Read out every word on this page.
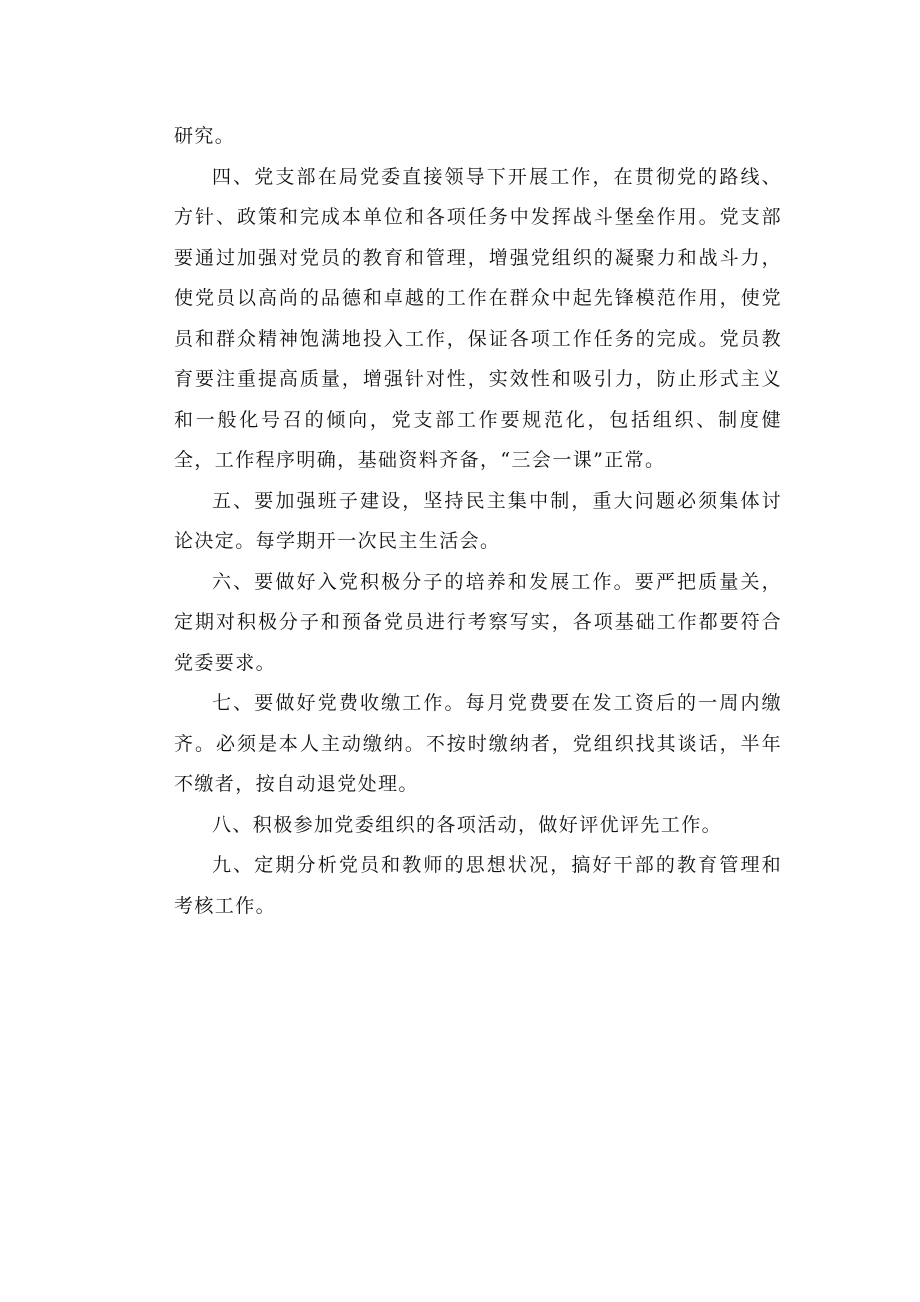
研究。

四、党支部在局党委直接领导下开展工作，在贯彻党的路线、方针、政策和完成本单位和各项任务中发挥战斗堡垒作用。党支部要通过加强对党员的教育和管理，增强党组织的凝聚力和战斗力，使党员以高尚的品德和卓越的工作在群众中起先锋模范作用，使党员和群众精神饱满地投入工作，保证各项工作任务的完成。党员教育要注重提高质量，增强针对性，实效性和吸引力，防止形式主义和一般化号召的倾向，党支部工作要规范化，包括组织、制度健全，工作程序明确，基础资料齐备，“三会一课”正常。

五、要加强班子建设，坚持民主集中制，重大问题必须集体讨论决定。每学期开一次民主生活会。

六、要做好入党积极分子的培养和发展工作。要严把质量关，定期对积极分子和预备党员进行考察写实，各项基础工作都要符合党委要求。

七、要做好党费收缴工作。每月党费要在发工资后的一周内缴齐。必须是本人主动缴纳。不按时缴纳者，党组织找其谈话，半年不缴者，按自动退党处理。

八、积极参加党委组织的各项活动，做好评优评先工作。

九、定期分析党员和教师的思想状况，搞好干部的教育管理和考核工作。
